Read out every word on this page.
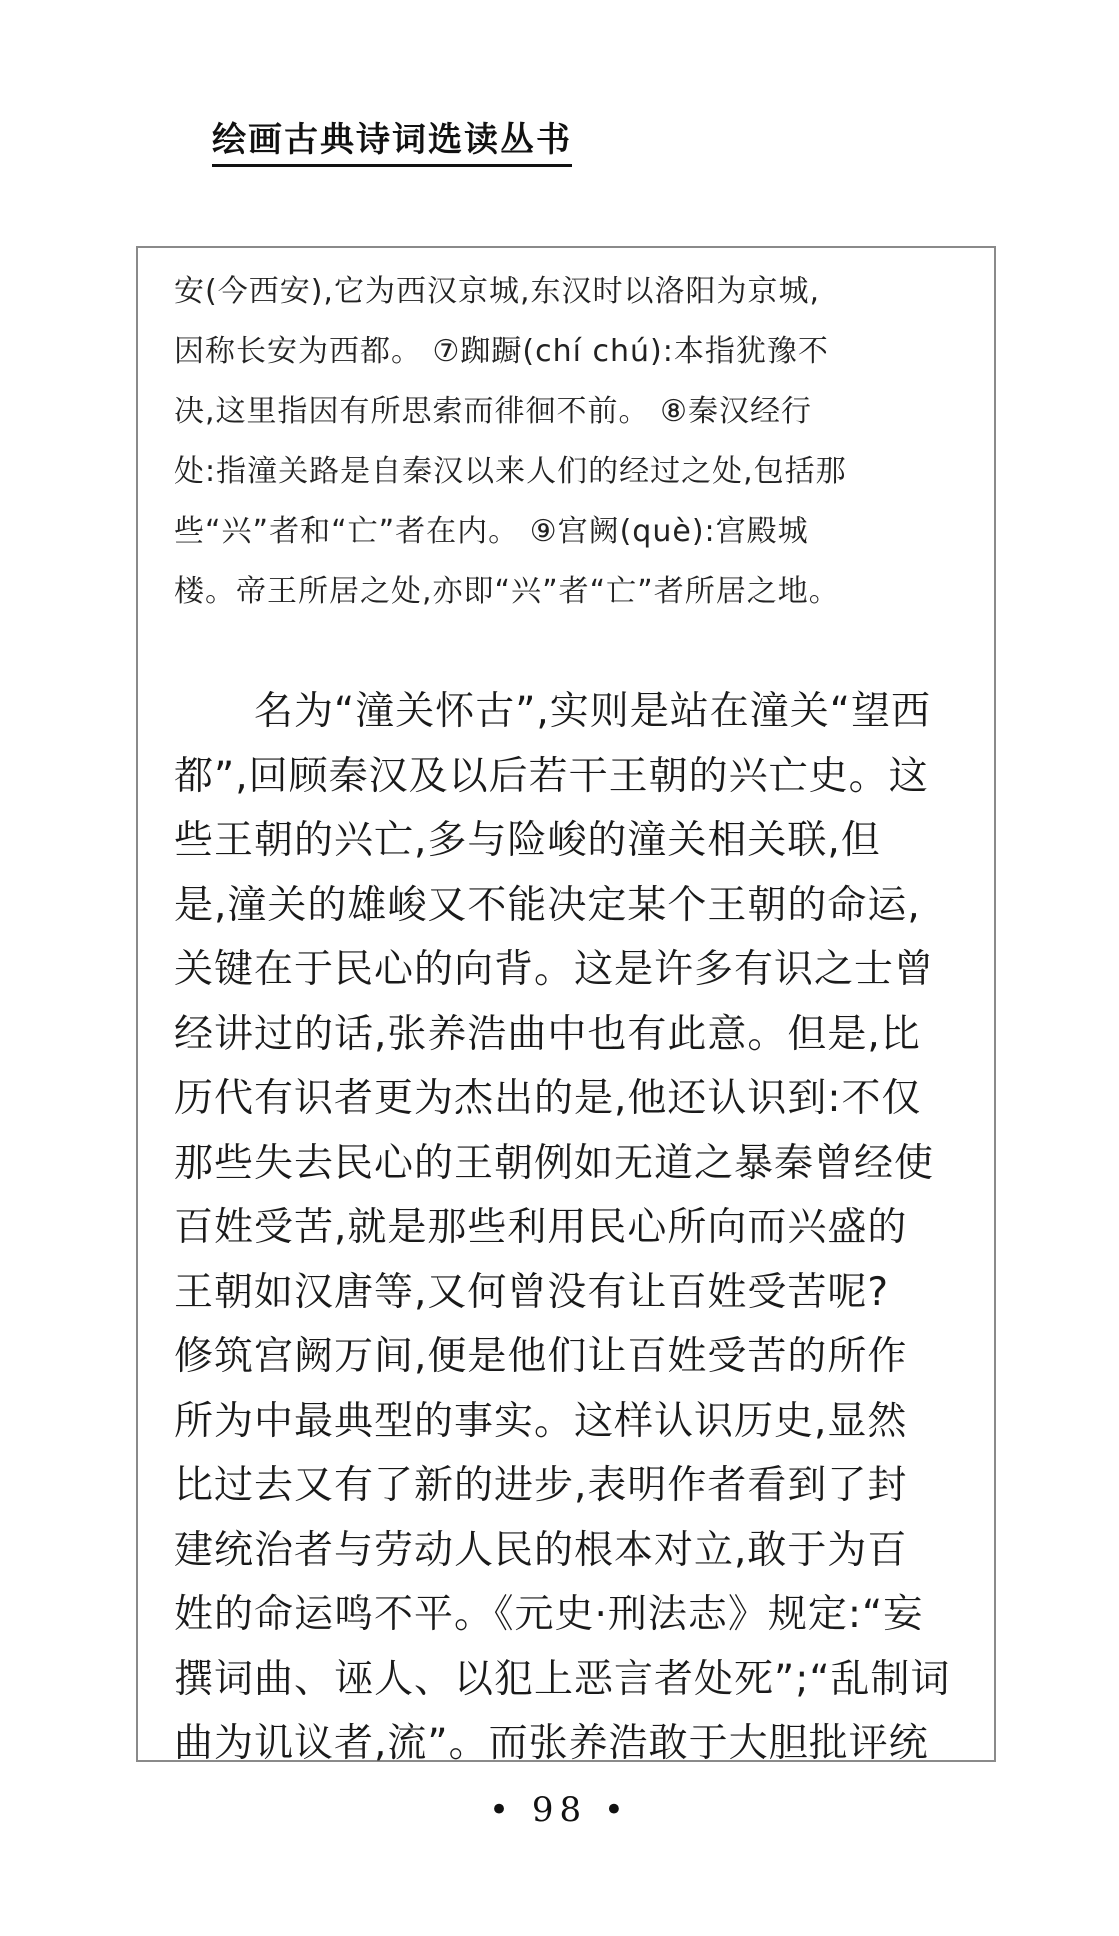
绘画古典诗词选读丛书
安(今西安),它为西汉京城,东汉时以洛阳为京城,
因称长安为西都。 ⑦踟蹰(chí chú):本指犹豫不
决,这里指因有所思索而徘徊不前。 ⑧秦汉经行
处:指潼关路是自秦汉以来人们的经过之处,包括那
些“兴”者和“亡”者在内。 ⑨宫阙(què):宫殿城
楼。帝王所居之处,亦即“兴”者“亡”者所居之地。
　　名为“潼关怀古”,实则是站在潼关“望西
都”,回顾秦汉及以后若干王朝的兴亡史。这
些王朝的兴亡,多与险峻的潼关相关联,但
是,潼关的雄峻又不能决定某个王朝的命运,
关键在于民心的向背。这是许多有识之士曾
经讲过的话,张养浩曲中也有此意。但是,比
历代有识者更为杰出的是,他还认识到:不仅
那些失去民心的王朝例如无道之暴秦曾经使
百姓受苦,就是那些利用民心所向而兴盛的
王朝如汉唐等,又何曾没有让百姓受苦呢?
修筑宫阙万间,便是他们让百姓受苦的所作
所为中最典型的事实。这样认识历史,显然
比过去又有了新的进步,表明作者看到了封
建统治者与劳动人民的根本对立,敢于为百
姓的命运鸣不平。《元史·刑法志》规定:“妄
撰词曲、诬人、以犯上恶言者处死”;“乱制词
曲为讥议者,流”。而张养浩敢于大胆批评统
• 98 •
